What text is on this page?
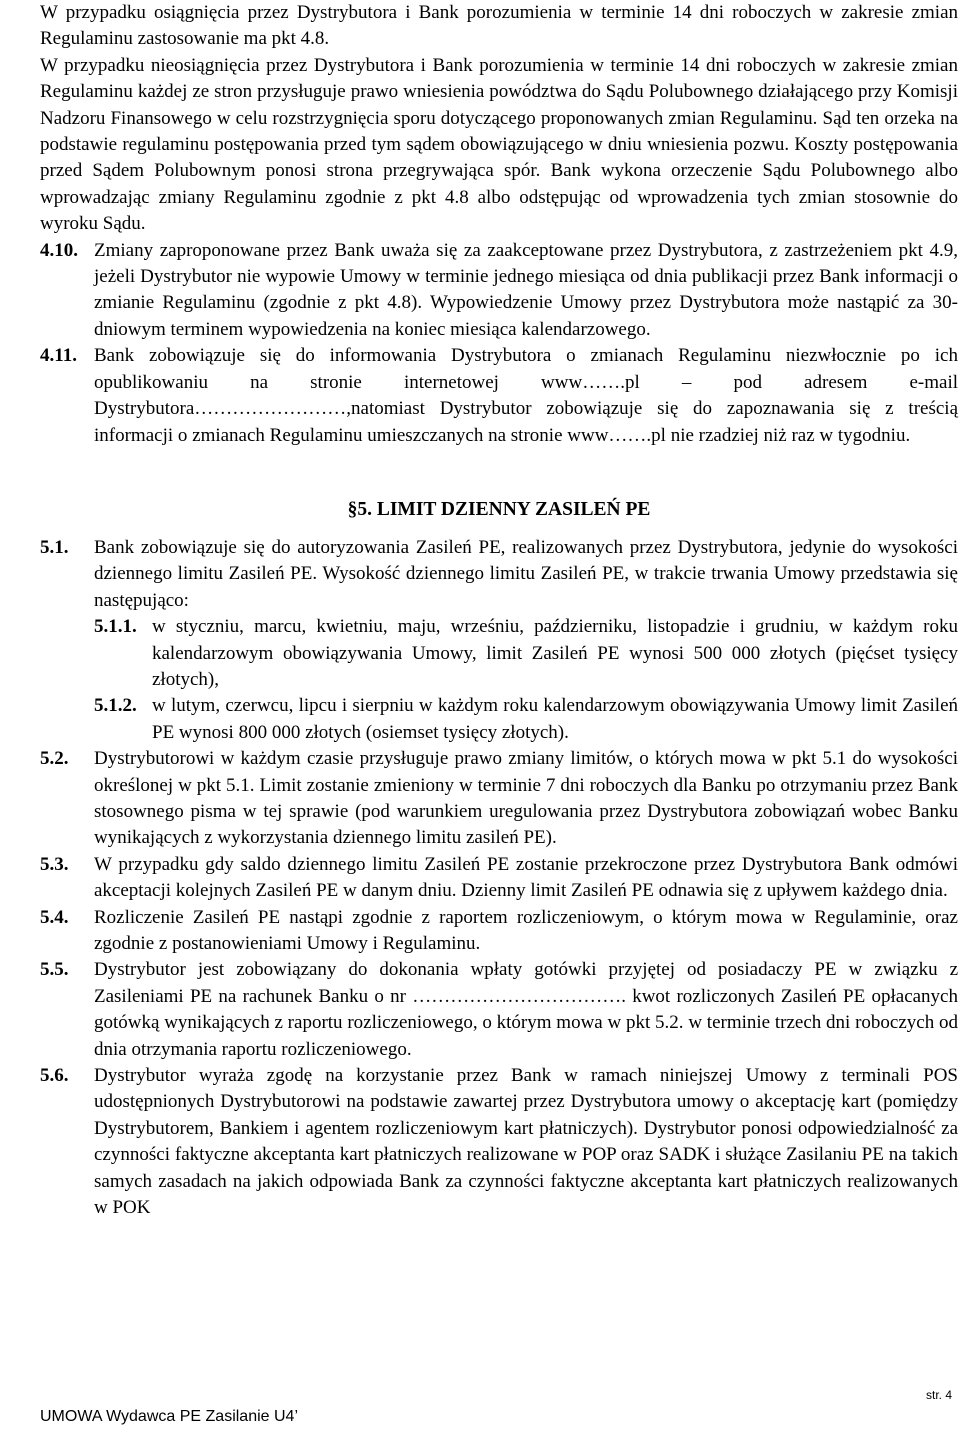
W przypadku osiągnięcia przez Dystrybutora i Bank porozumienia w terminie 14 dni roboczych w zakresie zmian Regulaminu zastosowanie ma pkt 4.8.

W przypadku nieosiągnięcia przez Dystrybutora i Bank porozumienia w terminie 14 dni roboczych w zakresie zmian Regulaminu każdej ze stron przysługuje prawo wniesienia powództwa do Sądu Polubownego działającego przy Komisji Nadzoru Finansowego w celu rozstrzygnięcia sporu dotyczącego proponowanych zmian Regulaminu. Sąd ten orzeka na podstawie regulaminu postępowania przed tym sądem obowiązującego w dniu wniesienia pozwu. Koszty postępowania przed Sądem Polubownym ponosi strona przegrywająca spór. Bank wykona orzeczenie Sądu Polubownego albo wprowadzając zmiany Regulaminu zgodnie z pkt 4.8 albo odstępując od wprowadzenia tych zmian stosownie do wyroku Sądu.

4.10. Zmiany zaproponowane przez Bank uważa się za zaakceptowane przez Dystrybutora, z zastrzeżeniem pkt 4.9, jeżeli Dystrybutor nie wypowie Umowy w terminie jednego miesiąca od dnia publikacji przez Bank informacji o zmianie Regulaminu (zgodnie z pkt 4.8). Wypowiedzenie Umowy przez Dystrybutora może nastąpić za 30-dniowym terminem wypowiedzenia na koniec miesiąca kalendarzowego.
4.11. Bank zobowiązuje się do informowania Dystrybutora o zmianach Regulaminu niezwłocznie po ich opublikowaniu na stronie internetowej www…….pl – pod adresem e-mail Dystrybutora……………………,natomiast Dystrybutor zobowiązuje się do zapoznawania się z treścią informacji o zmianach Regulaminu umieszczanych na stronie www…….pl nie rzadziej niż raz w tygodniu.
§5. LIMIT DZIENNY ZASILEŃ PE
5.1.	Bank zobowiązuje się do autoryzowania Zasileń PE, realizowanych przez Dystrybutora, jedynie do wysokości dziennego limitu Zasileń PE. Wysokość dziennego limitu Zasileń PE, w trakcie trwania Umowy przedstawia się następująco:
5.1.1. w styczniu, marcu, kwietniu, maju, wrześniu, październiku, listopadzie i grudniu, w każdym roku kalendarzowym obowiązywania Umowy, limit Zasileń PE wynosi 500 000 złotych (pięćset tysięcy złotych),
5.1.2. w lutym, czerwcu, lipcu i sierpniu w każdym roku kalendarzowym obowiązywania Umowy limit Zasileń PE wynosi 800 000 złotych (osiemset tysięcy złotych).
5.2.	Dystrybutorowi w każdym czasie przysługuje prawo zmiany limitów, o których mowa w pkt 5.1 do wysokości określonej w pkt 5.1. Limit zostanie zmieniony w terminie 7 dni roboczych dla Banku po otrzymaniu przez Bank stosownego pisma w tej sprawie (pod warunkiem uregulowania przez Dystrybutora zobowiązań wobec Banku wynikających z wykorzystania dziennego limitu zasileń PE).
5.3.	W przypadku gdy saldo dziennego limitu Zasileń PE zostanie przekroczone przez Dystrybutora Bank odmówi akceptacji kolejnych Zasileń PE w danym dniu. Dzienny limit Zasileń PE odnawia się z upływem każdego dnia.
5.4.	Rozliczenie Zasileń PE nastąpi zgodnie z raportem rozliczeniowym, o którym mowa w Regulaminie, oraz zgodnie z postanowieniami Umowy i Regulaminu.
5.5.	Dystrybutor jest zobowiązany do dokonania wpłaty gotówki przyjętej od posiadaczy PE w związku z Zasileniami PE na rachunek Banku o nr ……………………………. kwot rozliczonych Zasileń PE opłacanych gotówką wynikających z raportu rozliczeniowego, o którym mowa w pkt 5.2. w terminie trzech dni roboczych od dnia otrzymania raportu rozliczeniowego.
5.6.	Dystrybutor wyraża zgodę na korzystanie przez Bank w ramach niniejszej Umowy z terminali POS udostępnionych Dystrybutorowi na podstawie zawartej przez Dystrybutora umowy o akceptację kart (pomiędzy Dystrybutorem, Bankiem i agentem rozliczeniowym kart płatniczych). Dystrybutor ponosi odpowiedzialność za czynności faktyczne akceptanta kart płatniczych realizowane w POP oraz SADK i służące Zasilaniu PE na takich samych zasadach na jakich odpowiada Bank za czynności faktyczne akceptanta kart płatniczych realizowanych w POK
str. 4
UMOWA Wydawca PE Zasilanie U4’
